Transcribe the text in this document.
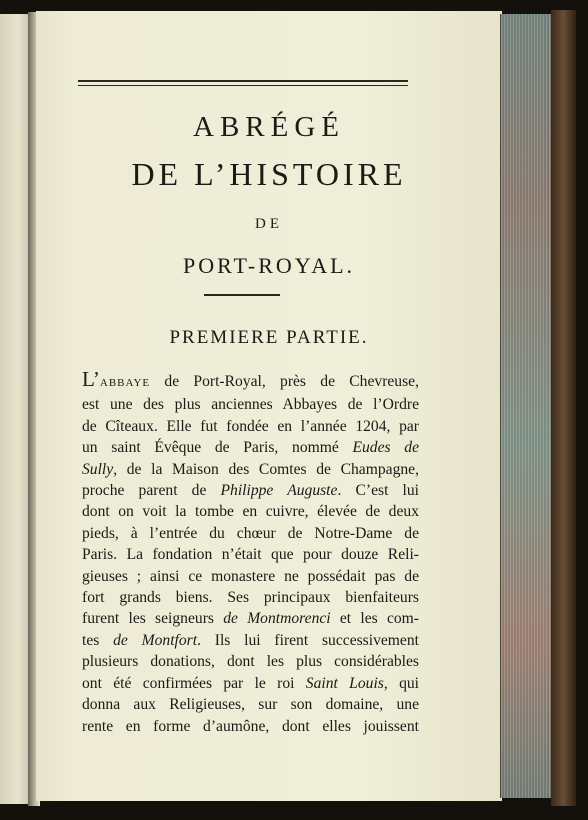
ABRÉGÉ
DE L’HISTOIRE
DE
PORT-ROYAL.
PREMIERE PARTIE.
L’ABBAYE de Port-Royal, près de Chevreuse,
est une des plus anciennes Abbayes de l’Ordre
de Cîteaux. Elle fut fondée en l’année 1204, par
un saint Évêque de Paris, nommé Eudes de
Sully, de la Maison des Comtes de Champagne,
proche parent de Philippe Auguste. C’est lui
dont on voit la tombe en cuivre, élevée de deux
pieds, à l’entrée du chœur de Notre-Dame de
Paris. La fondation n’était que pour douze Reli-
gieuses ; ainsi ce monastere ne possédait pas de
fort grands biens. Ses principaux bienfaiteurs
furent les seigneurs de Montmorenci et les com-
tes de Montfort. Ils lui firent successivement
plusieurs donations, dont les plus considérables
ont été confirmées par le roi Saint Louis, qui
donna aux Religieuses, sur son domaine, une
rente en forme d’aumône, dont elles jouissent
